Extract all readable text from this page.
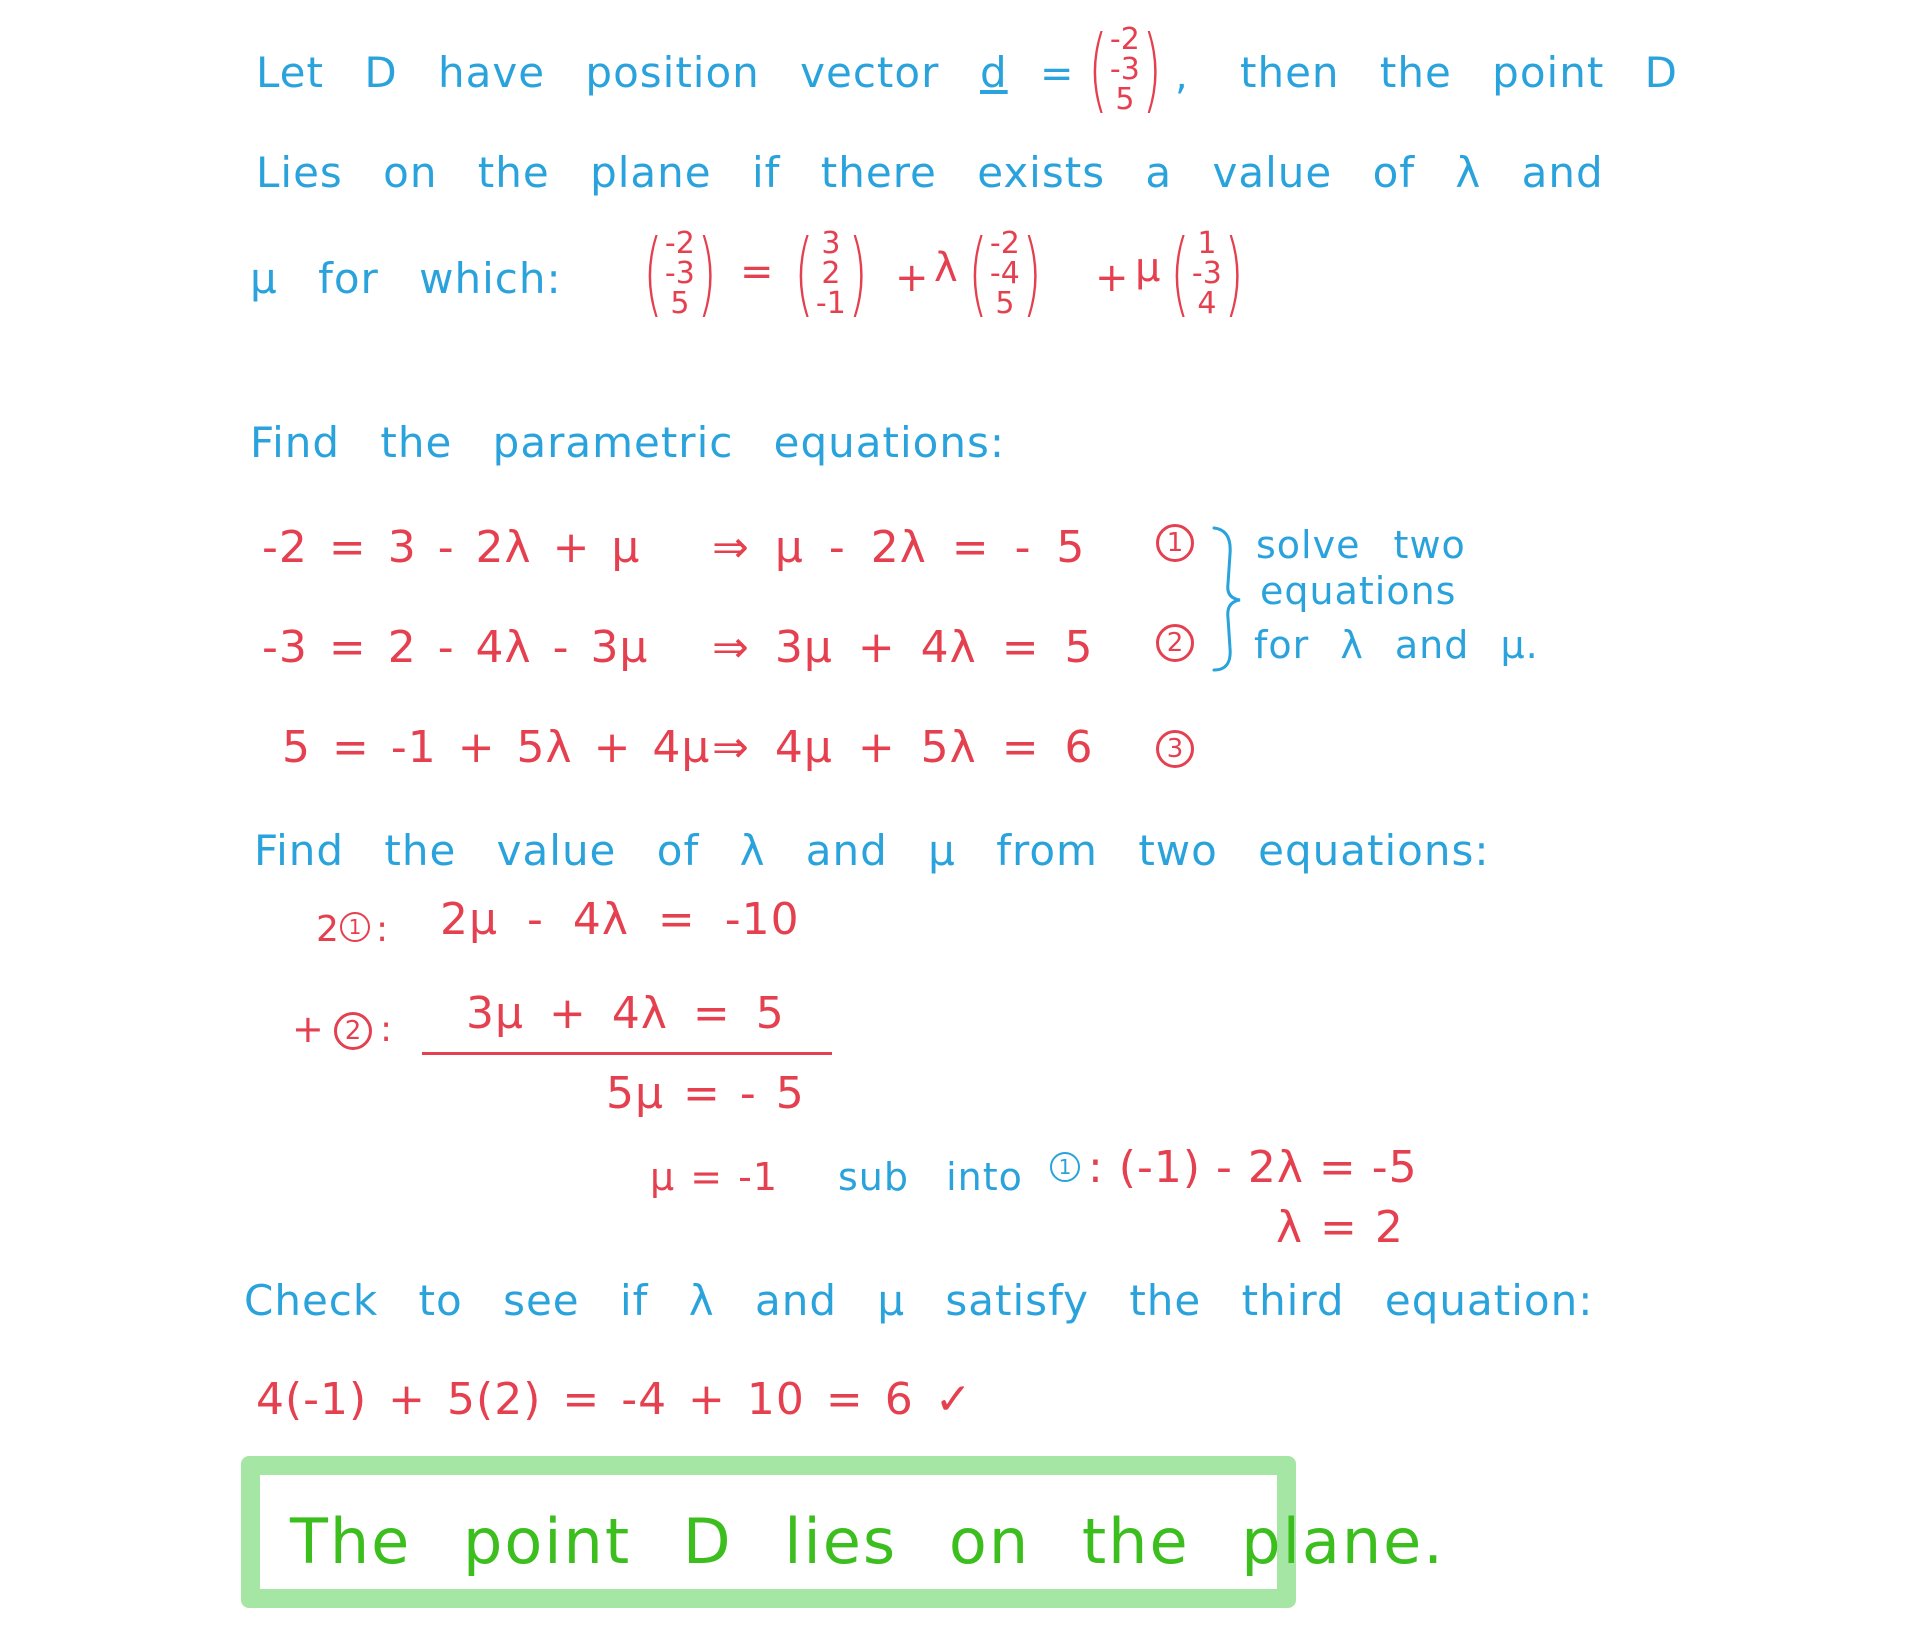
Let D have position vector d = ( -2
-3
5 ) , then the point D
Lies on the plane if there exists a value of λ and
μ for which: ( -2
-3
5 ) = ( 3
2
-1 ) + λ ( -2
-4
5 ) + μ ( 1
-3
4 )
Find the parametric equations:
-2 = 3 - 2λ + μ ⇒ μ - 2λ = - 5	1
-3 = 2 - 4λ - 3μ ⇒ 3μ + 4λ = 5	2
5 = -1 + 5λ + 4μ ⇒ 4μ + 5λ = 6	3
solve two
equations
for λ and μ.
Find the value of λ and μ from two equations:
2 1 : 2μ - 4λ = -10
+ 2 : 3μ + 4λ = 5
5μ = - 5
μ = -1 sub into	1 : (-1) - 2λ = -5
λ = 2
Check to see if λ and μ satisfy the third equation:
4(-1) + 5(2) = -4 + 10 = 6 ✓
The point D lies on the plane.
